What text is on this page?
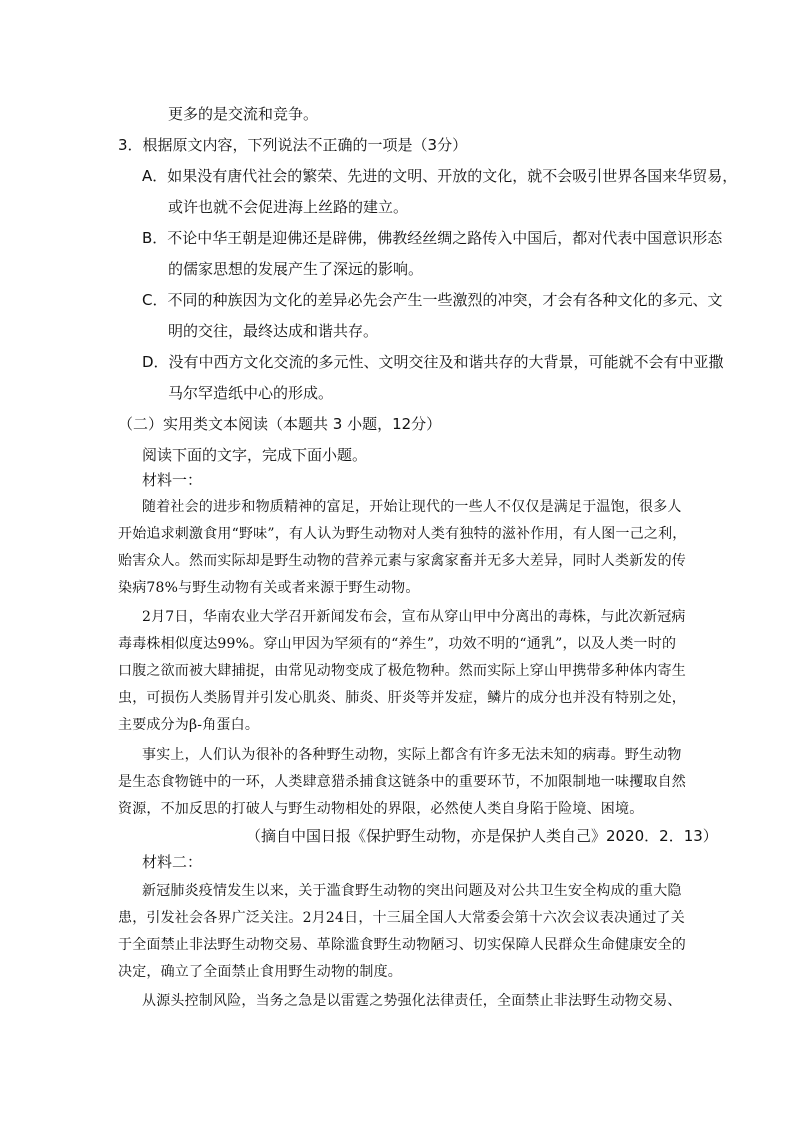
更多的是交流和竞争。
3．根据原文内容，下列说法不正确的一项是（3分）
A．如果没有唐代社会的繁荣、先进的文明、开放的文化，就不会吸引世界各国来华贸易，
或许也就不会促进海上丝路的建立。
B．不论中华王朝是迎佛还是辟佛，佛教经丝绸之路传入中国后，都对代表中国意识形态
的儒家思想的发展产生了深远的影响。
C．不同的种族因为文化的差异必先会产生一些激烈的冲突，才会有各种文化的多元、文
明的交往，最终达成和谐共存。
D．没有中西方文化交流的多元性、文明交往及和谐共存的大背景，可能就不会有中亚撒
马尔罕造纸中心的形成。
（二）实用类文本阅读（本题共 3 小题，12分）
阅读下面的文字，完成下面小题。
材料一：
随着社会的进步和物质精神的富足，开始让现代的一些人不仅仅是满足于温饱，很多人
开始追求刺激食用“野味”，有人认为野生动物对人类有独特的滋补作用，有人图一己之利，
贻害众人。然而实际却是野生动物的营养元素与家禽家畜并无多大差异，同时人类新发的传
染病78%与野生动物有关或者来源于野生动物。
2月7日，华南农业大学召开新闻发布会，宣布从穿山甲中分离出的毒株，与此次新冠病
毒毒株相似度达99%。穿山甲因为罕须有的“养生”，功效不明的“通乳”，以及人类一时的
口腹之欲而被大肆捕捉，由常见动物变成了极危物种。然而实际上穿山甲携带多种体内寄生
虫，可损伤人类肠胃并引发心肌炎、肺炎、肝炎等并发症，鳞片的成分也并没有特别之处，
主要成分为β-角蛋白。
事实上，人们认为很补的各种野生动物，实际上都含有许多无法未知的病毒。野生动物
是生态食物链中的一环，人类肆意猎杀捕食这链条中的重要环节，不加限制地一味攫取自然
资源，不加反思的打破人与野生动物相处的界限，必然使人类自身陷于险境、困境。
（摘自中国日报《保护野生动物，亦是保护人类自己》2020．2．13）
材料二：
新冠肺炎疫情发生以来，关于滥食野生动物的突出问题及对公共卫生安全构成的重大隐
患，引发社会各界广泛关注。2月24日，十三届全国人大常委会第十六次会议表决通过了关
于全面禁止非法野生动物交易、革除滥食野生动物陋习、切实保障人民群众生命健康安全的
决定，确立了全面禁止食用野生动物的制度。
从源头控制风险，当务之急是以雷霆之势强化法律责任，全面禁止非法野生动物交易、
